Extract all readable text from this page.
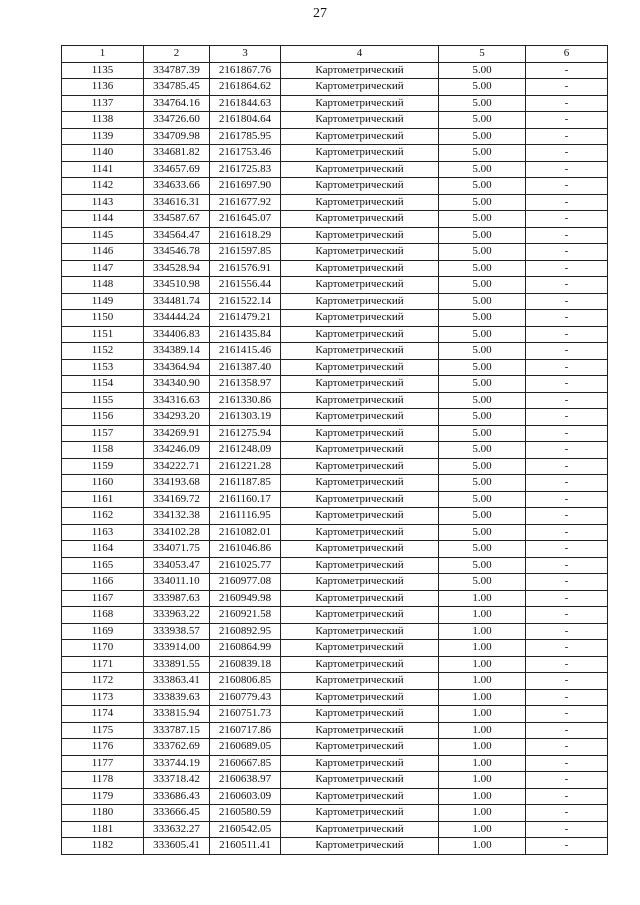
27
1	2	3	4	5	6
1135	334787.39	2161867.76	Картометрический	5.00	-
1136	334785.45	2161864.62	Картометрический	5.00	-
1137	334764.16	2161844.63	Картометрический	5.00	-
1138	334726.60	2161804.64	Картометрический	5.00	-
1139	334709.98	2161785.95	Картометрический	5.00	-
1140	334681.82	2161753.46	Картометрический	5.00	-
1141	334657.69	2161725.83	Картометрический	5.00	-
1142	334633.66	2161697.90	Картометрический	5.00	-
1143	334616.31	2161677.92	Картометрический	5.00	-
1144	334587.67	2161645.07	Картометрический	5.00	-
1145	334564.47	2161618.29	Картометрический	5.00	-
1146	334546.78	2161597.85	Картометрический	5.00	-
1147	334528.94	2161576.91	Картометрический	5.00	-
1148	334510.98	2161556.44	Картометрический	5.00	-
1149	334481.74	2161522.14	Картометрический	5.00	-
1150	334444.24	2161479.21	Картометрический	5.00	-
1151	334406.83	2161435.84	Картометрический	5.00	-
1152	334389.14	2161415.46	Картометрический	5.00	-
1153	334364.94	2161387.40	Картометрический	5.00	-
1154	334340.90	2161358.97	Картометрический	5.00	-
1155	334316.63	2161330.86	Картометрический	5.00	-
1156	334293.20	2161303.19	Картометрический	5.00	-
1157	334269.91	2161275.94	Картометрический	5.00	-
1158	334246.09	2161248.09	Картометрический	5.00	-
1159	334222.71	2161221.28	Картометрический	5.00	-
1160	334193.68	2161187.85	Картометрический	5.00	-
1161	334169.72	2161160.17	Картометрический	5.00	-
1162	334132.38	2161116.95	Картометрический	5.00	-
1163	334102.28	2161082.01	Картометрический	5.00	-
1164	334071.75	2161046.86	Картометрический	5.00	-
1165	334053.47	2161025.77	Картометрический	5.00	-
1166	334011.10	2160977.08	Картометрический	5.00	-
1167	333987.63	2160949.98	Картометрический	1.00	-
1168	333963.22	2160921.58	Картометрический	1.00	-
1169	333938.57	2160892.95	Картометрический	1.00	-
1170	333914.00	2160864.99	Картометрический	1.00	-
1171	333891.55	2160839.18	Картометрический	1.00	-
1172	333863.41	2160806.85	Картометрический	1.00	-
1173	333839.63	2160779.43	Картометрический	1.00	-
1174	333815.94	2160751.73	Картометрический	1.00	-
1175	333787.15	2160717.86	Картометрический	1.00	-
1176	333762.69	2160689.05	Картометрический	1.00	-
1177	333744.19	2160667.85	Картометрический	1.00	-
1178	333718.42	2160638.97	Картометрический	1.00	-
1179	333686.43	2160603.09	Картометрический	1.00	-
1180	333666.45	2160580.59	Картометрический	1.00	-
1181	333632.27	2160542.05	Картометрический	1.00	-
1182	333605.41	2160511.41	Картометрический	1.00	-
